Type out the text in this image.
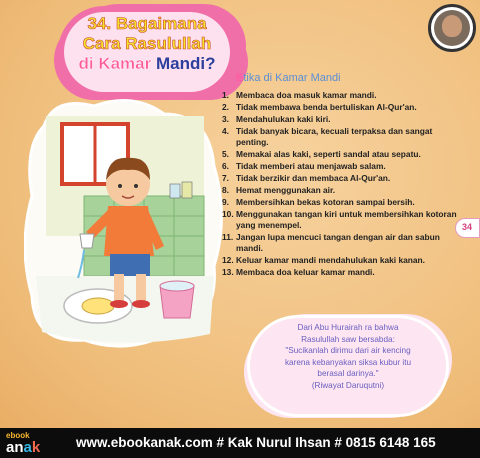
34. Bagaimana
Cara Rasulullah
di Kamar Mandi?
Etika di Kamar Mandi
1. Membaca doa masuk kamar mandi.
2. Tidak membawa benda bertuliskan Al-Qur'an.
3. Mendahulukan kaki kiri.
4. Tidak banyak bicara, kecuali terpaksa dan sangat penting.
5. Memakai alas kaki, seperti sandal atau sepatu.
6. Tidak memberi atau menjawab salam.
7. Tidak berzikir dan membaca Al-Qur'an.
8. Hemat menggunakan air.
9. Membersihkan bekas kotoran sampai bersih.
10. Menggunakan tangan kiri untuk membersihkan kotoran yang menempel.
11. Jangan lupa mencuci tangan dengan air dan sabun mandi.
12. Keluar kamar mandi mendahulukan kaki kanan.
13. Membaca doa keluar kamar mandi.
34
Dari Abu Hurairah ra bahwa
Rasulullah saw bersabda:
"Sucikanlah dirimu dari air kencing
karena kebanyakan siksa kubur itu
berasal darinya."
(Riwayat Daruqutni)
ebook
anak	www.ebookanak.com # Kak Nurul Ihsan # 0815 6148 165
